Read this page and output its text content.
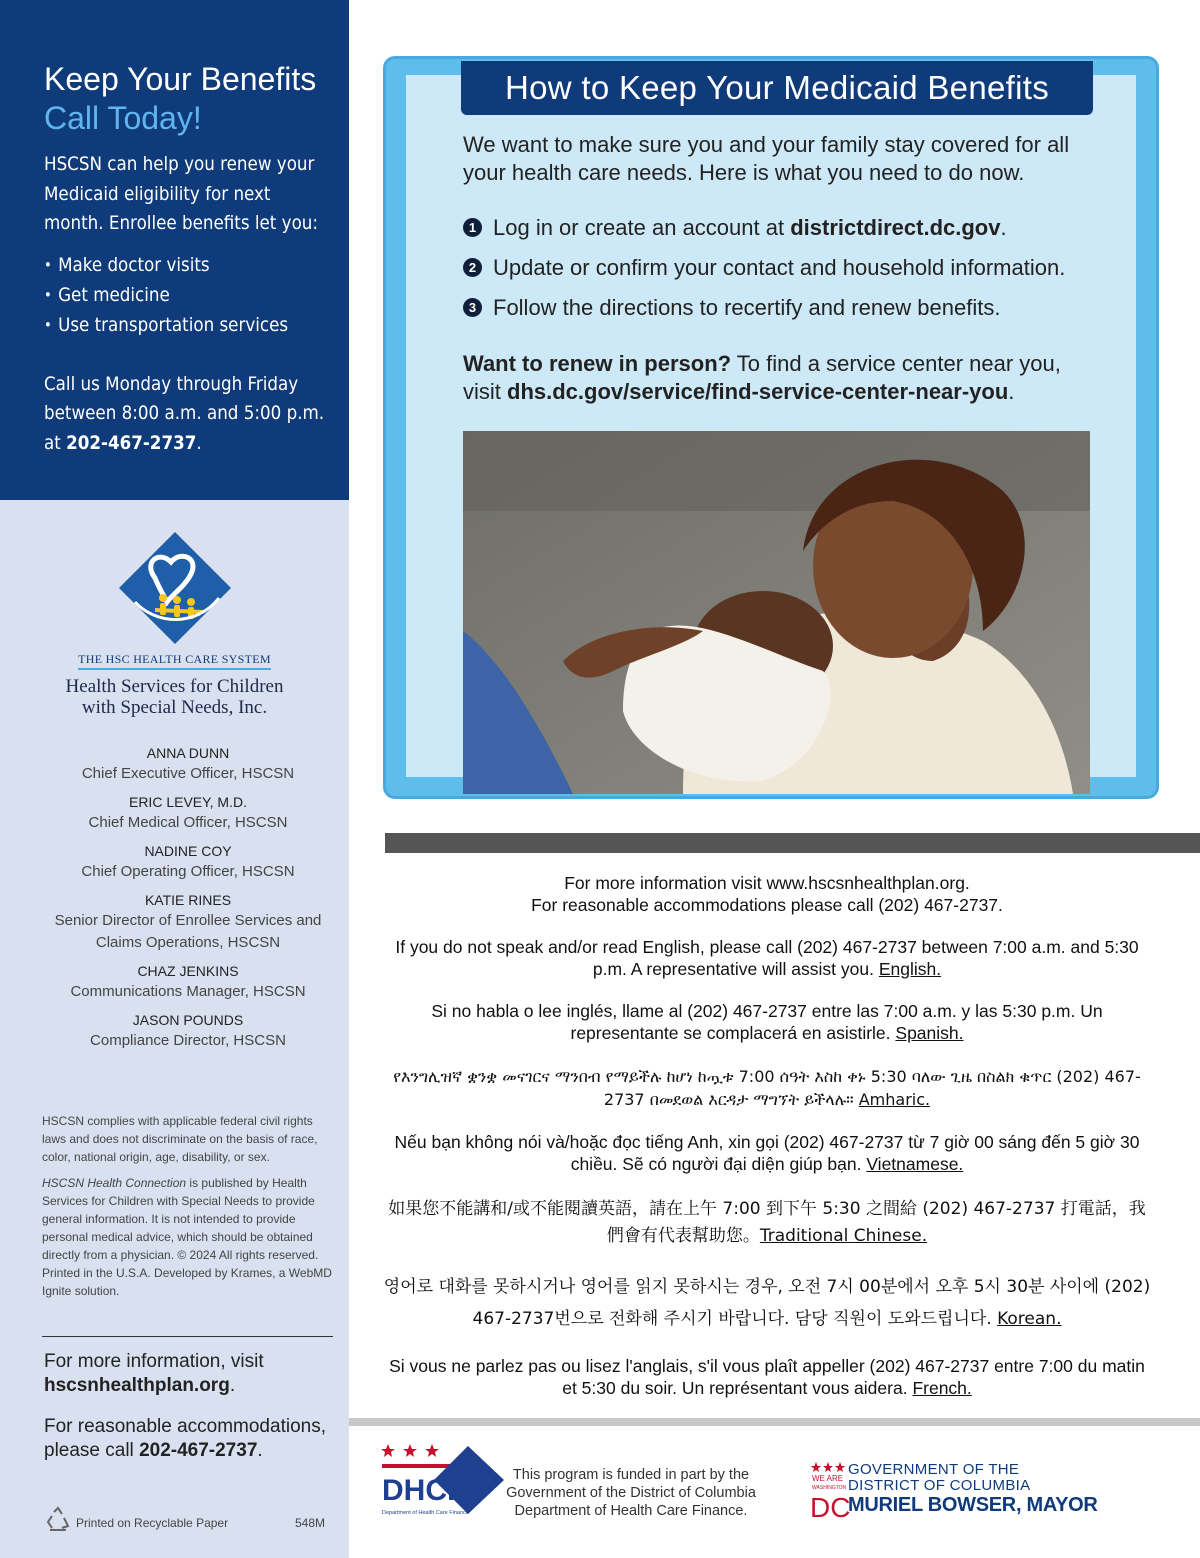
Keep Your Benefits
Call Today!
HSCSN can help you renew your Medicaid eligibility for next month. Enrollee benefits let you:
• Make doctor visits
• Get medicine
• Use transportation services
Call us Monday through Friday between 8:00 a.m. and 5:00 p.m. at 202-467-2737.
THE HSC HEALTH CARE SYSTEM
Health Services for Children
with Special Needs, Inc.
ANNA DUNN
Chief Executive Officer, HSCSN
ERIC LEVEY, M.D.
Chief Medical Officer, HSCSN
NADINE COY
Chief Operating Officer, HSCSN
KATIE RINES
Senior Director of Enrollee Services and Claims Operations, HSCSN
CHAZ JENKINS
Communications Manager, HSCSN
JASON POUNDS
Compliance Director, HSCSN

HSCSN complies with applicable federal civil rights laws and does not discriminate on the basis of race, color, national origin, age, disability, or sex.

HSCSN Health Connection is published by Health Services for Children with Special Needs to provide general information. It is not intended to provide personal medical advice, which should be obtained directly from a physician. © 2024 All rights reserved. Printed in the U.S.A. Developed by Krames, a WebMD Ignite solution.

For more information, visit hscsnhealthplan.org.

For reasonable accommodations, please call 202-467-2737.

Printed on Recyclable Paper	548M
How to Keep Your Medicaid Benefits
We want to make sure you and your family stay covered for all your health care needs. Here is what you need to do now.
1 Log in or create an account at districtdirect.dc.gov.
2 Update or confirm your contact and household information.
3 Follow the directions to recertify and renew benefits.
Want to renew in person? To find a service center near you, visit dhs.dc.gov/service/find-service-center-near-you.

For more information visit www.hscsnhealthplan.org.
For reasonable accommodations please call (202) 467-2737.

If you do not speak and/or read English, please call (202) 467-2737 between 7:00 a.m. and 5:30 p.m. A representative will assist you. English.

Si no habla o lee inglés, llame al (202) 467-2737 entre las 7:00 a.m. y las 5:30 p.m. Un representante se complacerá en asistirle. Spanish.

የእንግሊዝኛ ቋንቋ መናገርና ማንበብ የማይችሉ ከሆነ ከጧቱ 7:00 ሰዓት እስከ ቀኑ 5:30 ባለው ጊዜ በስልክ ቁጥር (202) 467-2737 በመደወል እርዳታ ማግኘት ይችላሉ። Amharic.

Nếu bạn không nói và/hoặc đọc tiếng Anh, xin gọi (202) 467-2737 từ 7 giờ 00 sáng đến 5 giờ 30 chiều. Sẽ có người đại diện giúp bạn. Vietnamese.

如果您不能講和/或不能閱讀英語，請在上午 7:00 到下午 5:30 之間給 (202) 467-2737 打電話，我們會有代表幫助您。Traditional Chinese.

영어로 대화를 못하시거나 영어를 읽지 못하시는 경우, 오전 7시 00분에서 오후 5시 30분 사이에 (202) 467-2737번으로 전화해 주시기 바랍니다. 담당 직원이 도와드립니다. Korean.

Si vous ne parlez pas ou lisez l'anglais, s'il vous plaît appeller (202) 467-2737 entre 7:00 du matin et 5:30 du soir. Un représentant vous aidera. French.

DHCF
Department of Health Care Finance
This program is funded in part by the Government of the District of Columbia Department of Health Care Finance.
WE ARE
WASHINGTON
DC
GOVERNMENT OF THE
DISTRICT OF COLUMBIA
MURIEL BOWSER, MAYOR
